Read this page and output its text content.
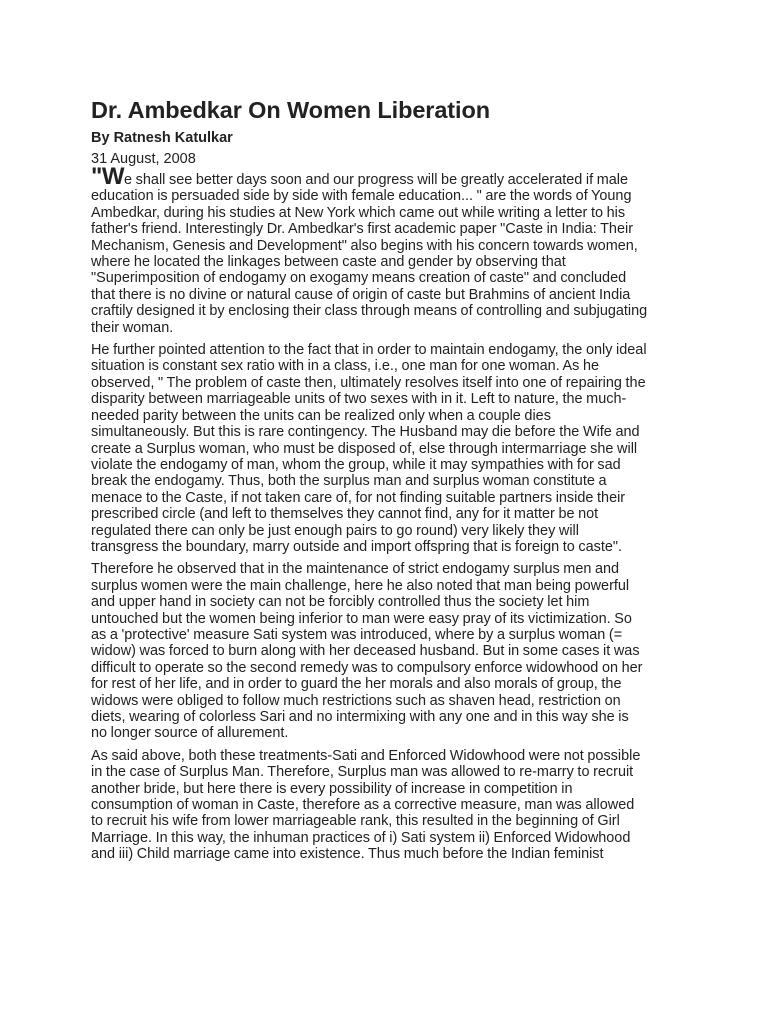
Dr. Ambedkar On Women Liberation
By Ratnesh Katulkar
31 August, 2008

"We shall see better days soon and our progress will be greatly accelerated if male
education is persuaded side by side with female education... " are the words of Young
Ambedkar, during his studies at New York which came out while writing a letter to his
father's friend. Interestingly Dr. Ambedkar's first academic paper "Caste in India: Their
Mechanism, Genesis and Development" also begins with his concern towards women,
where he located the linkages between caste and gender by observing that
"Superimposition of endogamy on exogamy means creation of caste" and concluded
that there is no divine or natural cause of origin of caste but Brahmins of ancient India
craftily designed it by enclosing their class through means of controlling and subjugating
their woman.

He further pointed attention to the fact that in order to maintain endogamy, the only ideal
situation is constant sex ratio with in a class, i.e., one man for one woman. As he
observed, " The problem of caste then, ultimately resolves itself into one of repairing the
disparity between marriageable units of two sexes with in it. Left to nature, the much-
needed parity between the units can be realized only when a couple dies
simultaneously. But this is rare contingency. The Husband may die before the Wife and
create a Surplus woman, who must be disposed of, else through intermarriage she will
violate the endogamy of man, whom the group, while it may sympathies with for sad
break the endogamy. Thus, both the surplus man and surplus woman constitute a
menace to the Caste, if not taken care of, for not finding suitable partners inside their
prescribed circle (and left to themselves they cannot find, any for it matter be not
regulated there can only be just enough pairs to go round) very likely they will
transgress the boundary, marry outside and import offspring that is foreign to caste".

Therefore he observed that in the maintenance of strict endogamy surplus men and
surplus women were the main challenge, here he also noted that man being powerful
and upper hand in society can not be forcibly controlled thus the society let him
untouched but the women being inferior to man were easy pray of its victimization. So
as a 'protective' measure Sati system was introduced, where by a surplus woman (=
widow) was forced to burn along with her deceased husband. But in some cases it was
difficult to operate so the second remedy was to compulsory enforce widowhood on her
for rest of her life, and in order to guard the her morals and also morals of group, the
widows were obliged to follow much restrictions such as shaven head, restriction on
diets, wearing of colorless Sari and no intermixing with any one and in this way she is
no longer source of allurement.

As said above, both these treatments-Sati and Enforced Widowhood were not possible
in the case of Surplus Man. Therefore, Surplus man was allowed to re-marry to recruit
another bride, but here there is every possibility of increase in competition in
consumption of woman in Caste, therefore as a corrective measure, man was allowed
to recruit his wife from lower marriageable rank, this resulted in the beginning of Girl
Marriage. In this way, the inhuman practices of i) Sati system ii) Enforced Widowhood
and iii) Child marriage came into existence. Thus much before the Indian feminist
